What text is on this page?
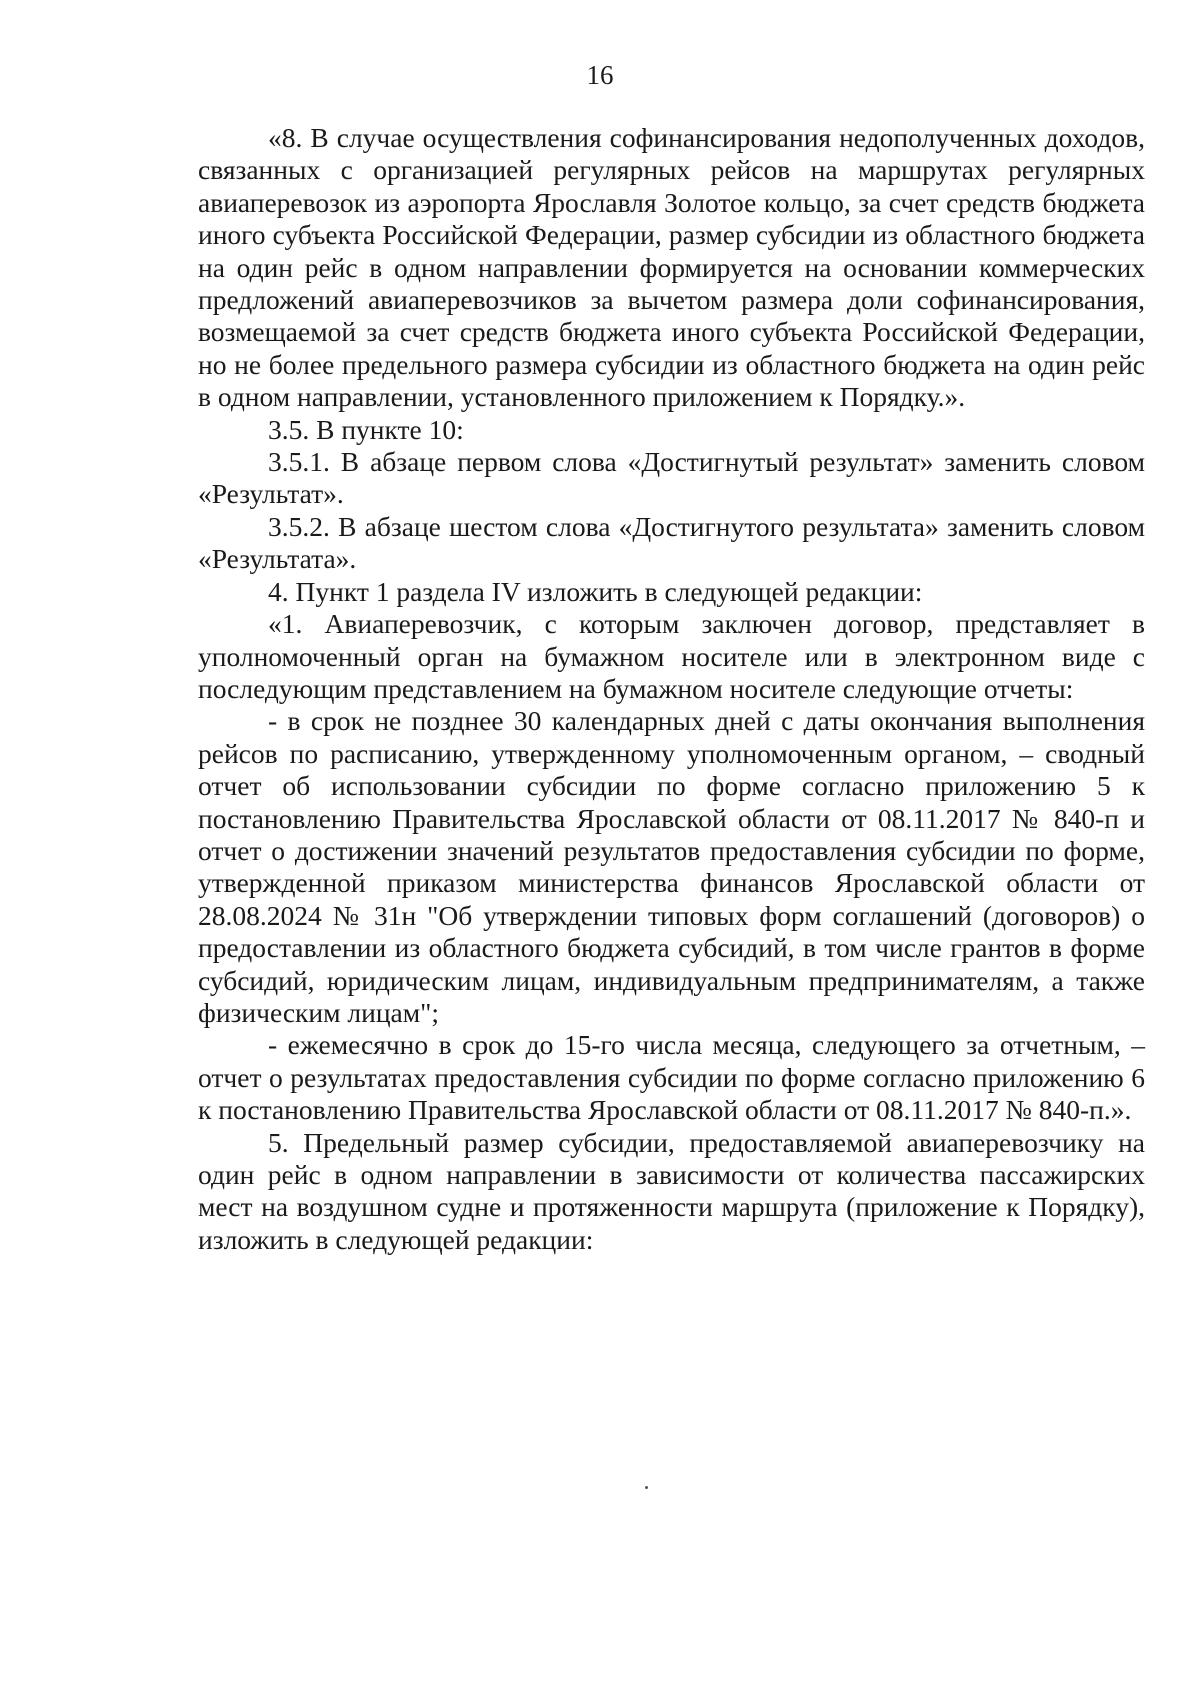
16

«8. В случае осуществления софинансирования недополученных доходов, связанных с организацией регулярных рейсов на маршрутах регулярных авиаперевозок из аэропорта Ярославля Золотое кольцо, за счет средств бюджета иного субъекта Российской Федерации, размер субсидии из областного бюджета на один рейс в одном направлении формируется на основании коммерческих предложений авиаперевозчиков за вычетом размера доли софинансирования, возмещаемой за счет средств бюджета иного субъекта Российской Федерации, но не более предельного размера субсидии из областного бюджета на один рейс в одном направлении, установленного приложением к Порядку.».

3.5. В пункте 10:

3.5.1. В абзаце первом слова «Достигнутый результат» заменить словом «Результат».

3.5.2. В абзаце шестом слова «Достигнутого результата» заменить словом «Результата».

4. Пункт 1 раздела IV изложить в следующей редакции:

«1. Авиаперевозчик, с которым заключен договор, представляет в уполномоченный орган на бумажном носителе или в электронном виде с последующим представлением на бумажном носителе следующие отчеты:

- в срок не позднее 30 календарных дней с даты окончания выполнения рейсов по расписанию, утвержденному уполномоченным органом, – сводный отчет об использовании субсидии по форме согласно приложению 5 к постановлению Правительства Ярославской области от 08.11.2017 № 840-п и отчет о достижении значений результатов предоставления субсидии по форме, утвержденной приказом министерства финансов Ярославской области от 28.08.2024 № 31н "Об утверждении типовых форм соглашений (договоров) о предоставлении из областного бюджета субсидий, в том числе грантов в форме субсидий, юридическим лицам, индивидуальным предпринимателям, а также физическим лицам";

- ежемесячно в срок до 15-го числа месяца, следующего за отчетным, – отчет о результатах предоставления субсидии по форме согласно приложению 6 к постановлению Правительства Ярославской области от 08.11.2017 № 840-п.».

5. Предельный размер субсидии, предоставляемой авиаперевозчику на один рейс в одном направлении в зависимости от количества пассажирских мест на воздушном судне и протяженности маршрута (приложение к Порядку), изложить в следующей редакции:
